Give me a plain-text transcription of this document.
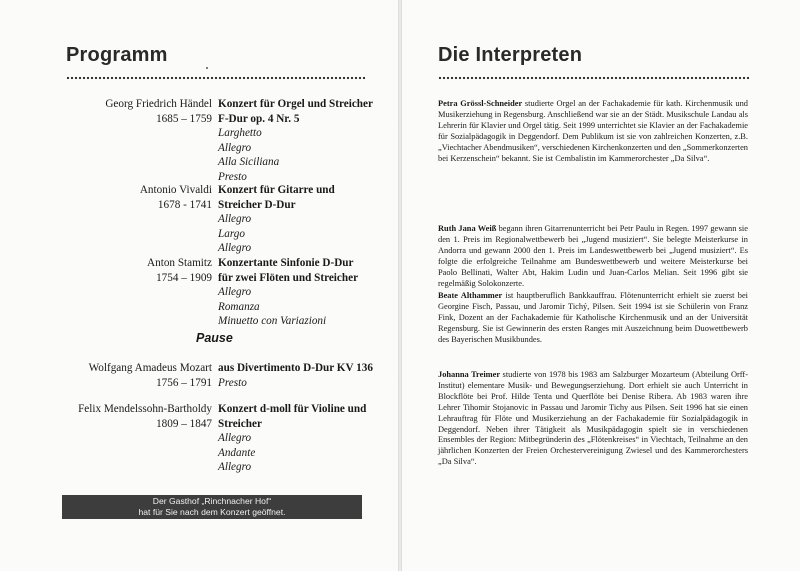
Programm
Georg Friedrich Händel Konzert für Orgel und Streicher
1685 – 1759 F-Dur op. 4 Nr. 5
Larghetto
Allegro
Alla Siciliana
Presto
Antonio Vivaldi Konzert für Gitarre und
1678 - 1741 Streicher D-Dur
Allegro
Largo
Allegro
Anton Stamitz Konzertante Sinfonie D-Dur
1754 – 1909 für zwei Flöten und Streicher
Allegro
Romanza
Minuetto con Variazioni
Pause
Wolfgang Amadeus Mozart aus Divertimento D-Dur KV 136
1756 – 1791 Presto
Felix Mendelssohn-Bartholdy Konzert d-moll für Violine und
1809 – 1847 Streicher
Allegro
Andante
Allegro
Der Gasthof „Rinchnacher Hof“
hat für Sie nach dem Konzert geöffnet.
Die Interpreten
Petra Grössl-Schneider studierte Orgel an der Fachakademie für kath. Kirchenmusik und Musikerziehung in Regensburg. Anschließend war sie an der Städt. Musikschule Landau als Lehrerin für Klavier und Orgel tätig. Seit 1999 unterrichtet sie Klavier an der Fachakademie für Sozialpädagogik in Deggendorf. Dem Publikum ist sie von zahlreichen Konzerten, z.B. „Viechtacher Abendmusiken“, verschiedenen Kirchenkonzerten und den „Sommerkonzerten bei Kerzenschein“ bekannt. Sie ist Cembalistin im Kammerorchester „Da Silva“.
Ruth Jana Weiß begann ihren Gitarrenunterricht bei Petr Paulu in Regen. 1997 gewann sie den 1. Preis im Regionalwettbewerb bei „Jugend musiziert“. Sie belegte Meisterkurse in Andorra und gewann 2000 den 1. Preis im Landeswettbewerb bei „Jugend musiziert“. Es folgte die erfolgreiche Teilnahme am Bundeswettbewerb und weitere Meisterkurse bei Paolo Bellinati, Walter Abt, Hakim Ludin und Juan-Carlos Melian. Seit 1996 gibt sie regelmäßig Solokonzerte.
Beate Althammer ist hauptberuflich Bankkauffrau. Flötenunterricht erhielt sie zuerst bei Georgine Fisch, Passau, und Jaromir Tichý, Pilsen. Seit 1994 ist sie Schülerin von Franz Fink, Dozent an der Fachakademie für Katholische Kirchenmusik und an der Universität Regensburg. Sie ist Gewinnerin des ersten Ranges mit Auszeichnung beim Duowettbewerb des Bayerischen Musikbundes.
Johanna Treimer studierte von 1978 bis 1983 am Salzburger Mozarteum (Abteilung Orff-Institut) elementare Musik- und Bewegungserziehung. Dort erhielt sie auch Unterricht in Blockflöte bei Prof. Hilde Tenta und Querflöte bei Denise Ribera. Ab 1983 waren ihre Lehrer Tihomir Stojanovic in Passau und Jaromir Tichy aus Pilsen. Seit 1996 hat sie einen Lehrauftrag für Flöte und Musikerziehung an der Fachakademie für Sozialpädagogik in Deggendorf. Neben ihrer Tätigkeit als Musikpädagogin spielt sie in verschiedenen Ensembles der Region: Mitbegründerin des „Flötenkreises“ in Viechtach, Teilnahme an den jährlichen Konzerten der Freien Orchestervereinigung Zwiesel und des Kammerorchesters „Da Silva“.
